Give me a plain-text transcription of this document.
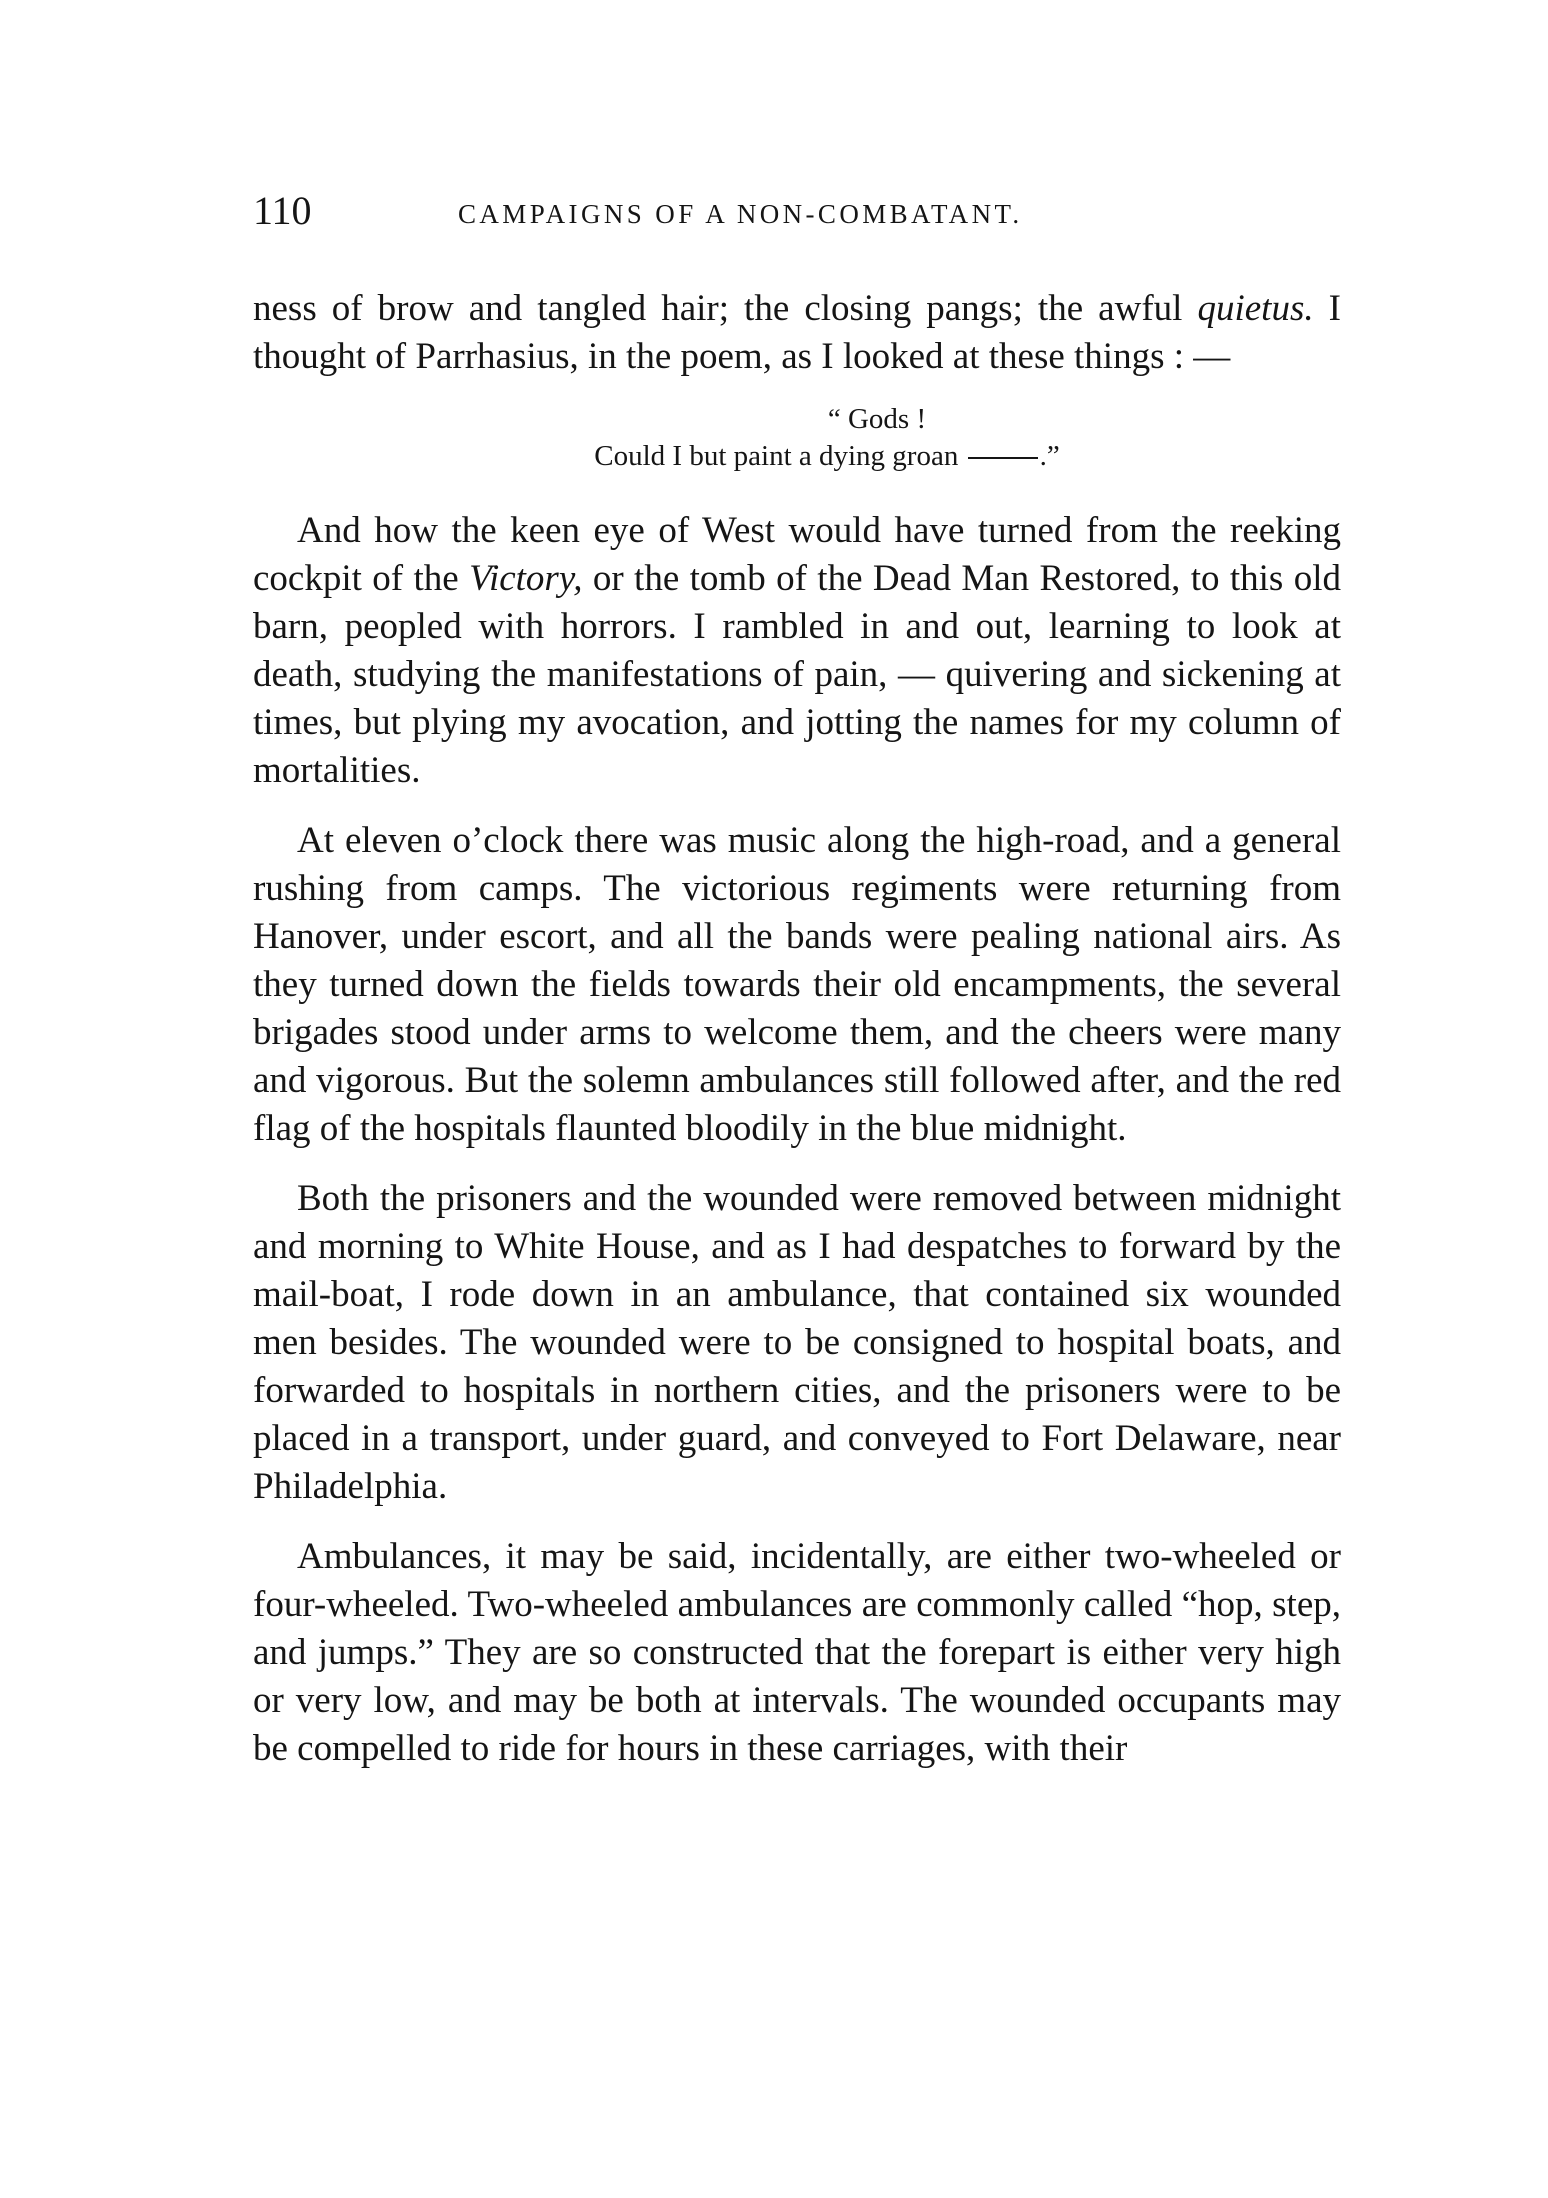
110	CAMPAIGNS OF A NON-COMBATANT.

ness of brow and tangled hair; the closing pangs; the awful quietus. I thought of Parrhasius, in the poem, as I looked at these things : —

“ Gods !
Could I but paint a dying groan	.”

And how the keen eye of West would have turned from the reeking cockpit of the Victory, or the tomb of the Dead Man Restored, to this old barn, peopled with horrors. I rambled in and out, learning to look at death, studying the manifestations of pain, — quivering and sickening at times, but plying my avocation, and jotting the names for my column of mortalities.

At eleven o’clock there was music along the high-road, and a general rushing from camps. The victorious regiments were returning from Hanover, under escort, and all the bands were pealing national airs. As they turned down the fields towards their old encampments, the several brigades stood under arms to welcome them, and the cheers were many and vigorous. But the solemn ambulances still followed after, and the red flag of the hospitals flaunted bloodily in the blue midnight.

Both the prisoners and the wounded were removed between midnight and morning to White House, and as I had despatches to forward by the mail-boat, I rode down in an ambulance, that contained six wounded men besides. The wounded were to be consigned to hospital boats, and forwarded to hospitals in northern cities, and the prisoners were to be placed in a transport, under guard, and conveyed to Fort Delaware, near Philadelphia.

Ambulances, it may be said, incidentally, are either two-wheeled or four-wheeled. Two-wheeled ambulances are commonly called “hop, step, and jumps.” They are so constructed that the forepart is either very high or very low, and may be both at intervals. The wounded occupants may be compelled to ride for hours in these carriages, with their
